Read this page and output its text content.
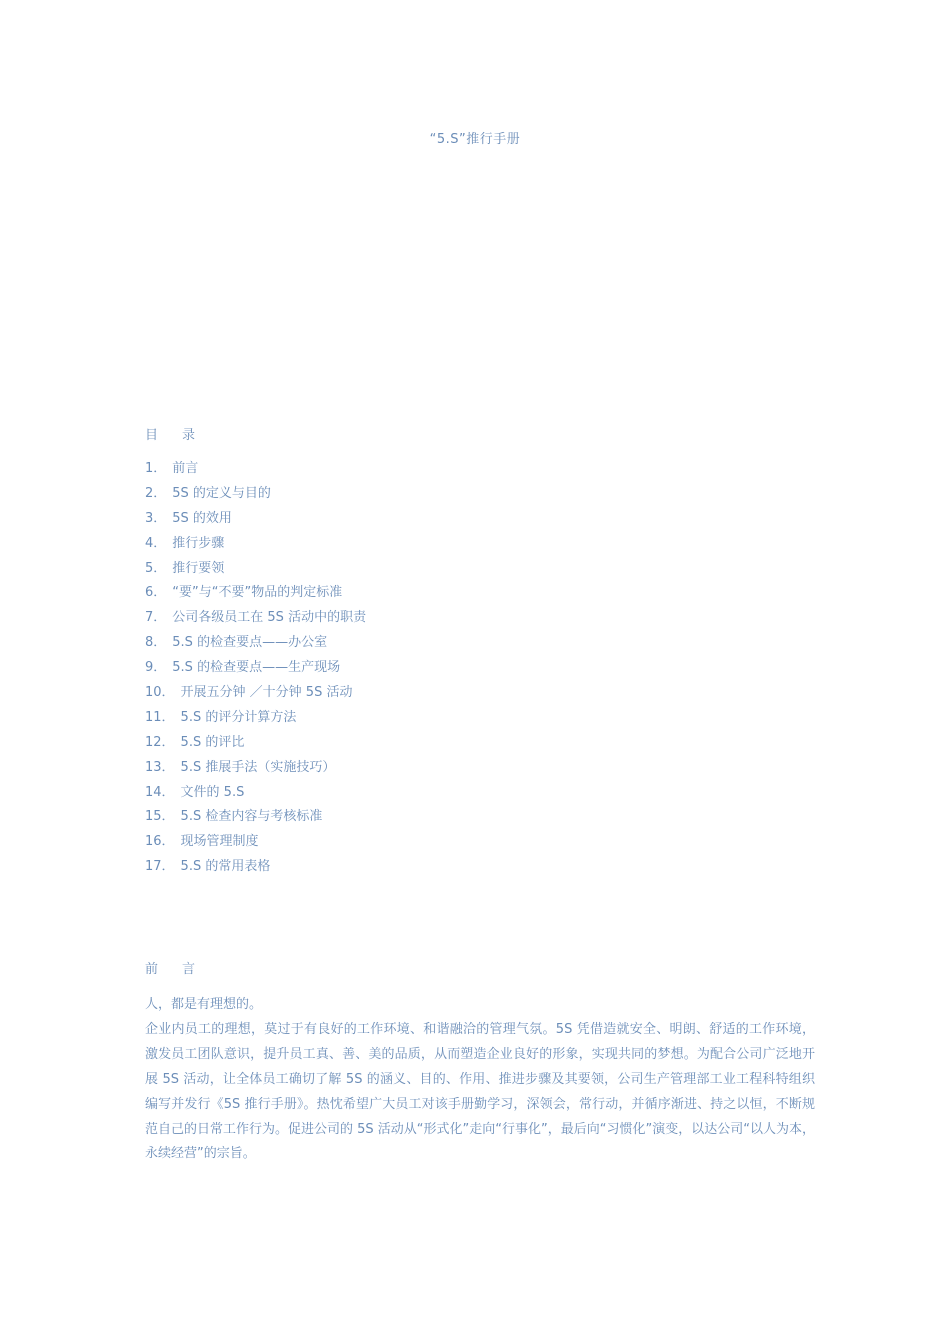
“5.S”推行手册
目 录
1． 前言
2． 5S 的定义与目的
3． 5S 的效用
4． 推行步骤
5． 推行要领
6． “要”与“不要”物品的判定标准
7． 公司各级员工在 5S 活动中的职责
8． 5.S 的检查要点——办公室
9． 5.S 的检查要点——生产现场
10． 开展五分钟 ／十分钟 5S 活动
11． 5.S 的评分计算方法
12． 5.S 的评比
13． 5.S 推展手法（实施技巧）
14． 文件的 5.S
15． 5.S 检查内容与考核标准
16． 现场管理制度
17． 5.S 的常用表格
前 言

人，都是有理想的。

企业内员工的理想，莫过于有良好的工作环境、和谐融洽的管理气氛。5S 凭借造就安全、明朗、舒适的工作环境，激发员工团队意识，提升员工真、善、美的品质，从而塑造企业良好的形象，实现共同的梦想。为配合公司广泛地开展 5S 活动，让全体员工确切了解 5S 的涵义、目的、作用、推进步骤及其要领，公司生产管理部工业工程科特组织编写并发行《5S 推行手册》。热忱希望广大员工对该手册勤学习，深领会，常行动，并循序渐进、持之以恒，不断规范自己的日常工作行为。促进公司的 5S 活动从“形式化”走向“行事化”，最后向“习惯化”演变，以达公司“以人为本，永续经营”的宗旨。
